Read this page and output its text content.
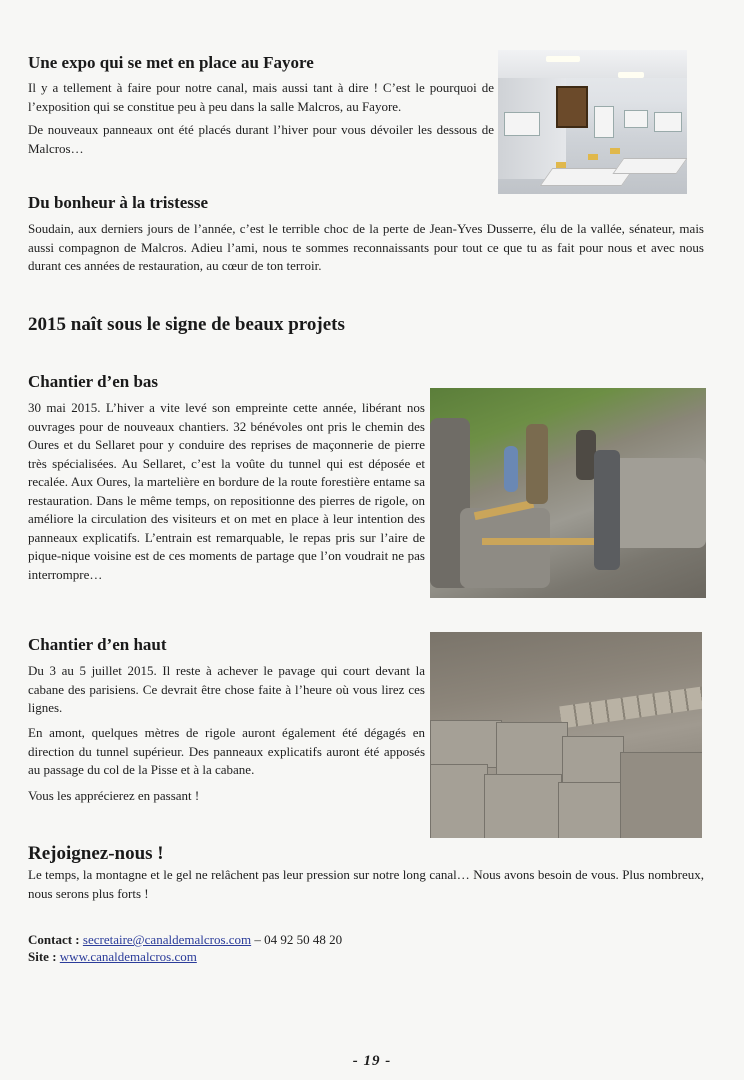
Une expo qui se met en place au Fayore

Il y a tellement à faire pour notre canal, mais aussi tant à dire ! C’est le pourquoi de l’exposition qui se constitue peu à peu dans la salle Malcros, au Fayore.

De nouveaux panneaux ont été placés durant l’hiver pour vous dévoiler les dessous de Malcros…

Du bonheur à la tristesse

Soudain, aux derniers jours de l’année, c’est le terrible choc de la perte de Jean-Yves Dusserre, élu de la vallée, sénateur, mais aussi compagnon de Malcros. Adieu l’ami, nous te sommes reconnaissants pour tout ce que tu as fait pour nous et avec nous durant ces années de restauration, au cœur de ton terroir.

2015 naît sous le signe de beaux projets
Chantier d’en bas

30 mai 2015. L’hiver a vite levé son empreinte cette année, libérant nos ouvrages pour de nouveaux chantiers. 32 bénévoles ont pris le chemin des Oures et du Sellaret pour y conduire des reprises de maçonnerie de pierre très spécialisées. Au Sellaret, c’est la voûte du tunnel qui est déposée et recalée. Aux Oures, la martelière en bordure de la route forestière entame sa restauration. Dans le même temps, on repositionne des pierres de rigole, on améliore la circulation des visiteurs et on met en place à leur intention des panneaux explicatifs. L’entrain est remarquable, le repas pris sur l’aire de pique-nique voisine est de ces moments de partage que l’on voudrait ne pas interrompre…

Chantier d’en haut

Du 3 au 5 juillet 2015. Il reste à achever le pavage qui court devant la cabane des parisiens. Ce devrait être chose faite à l’heure où vous lirez ces lignes.

En amont, quelques mètres de rigole auront également été dégagés en direction du tunnel supérieur. Des panneaux explicatifs auront été apposés au passage du col de la Pisse et à la cabane.

Vous les apprécierez en passant !

Rejoignez-nous !

Le temps, la montagne et le gel ne relâchent pas leur pression sur notre long canal… Nous avons besoin de vous. Plus nombreux, nous serons plus forts !

Contact : secretaire@canaldemalcros.com – 04 92 50 48 20
Site : www.canaldemalcros.com
- 19 -
